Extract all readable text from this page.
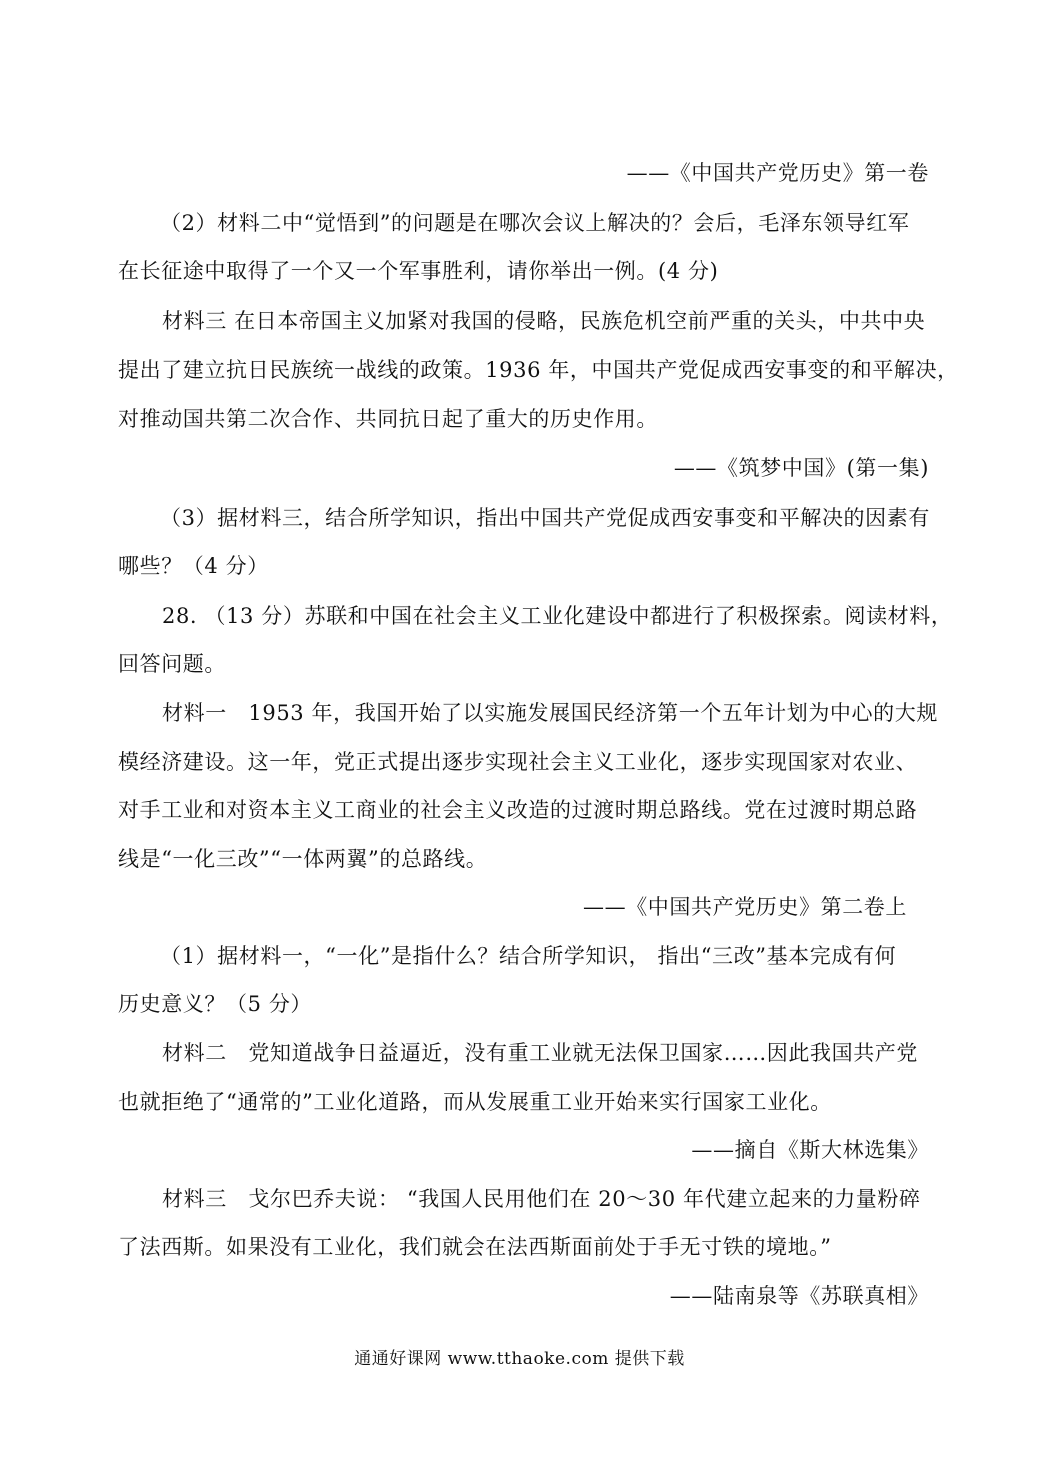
——《中国共产党历史》第一卷
（2）材料二中“觉悟到”的问题是在哪次会议上解决的？会后，毛泽东领导红军
在长征途中取得了一个又一个军事胜利，请你举出一例。(4 分)
材料三 在日本帝国主义加紧对我国的侵略，民族危机空前严重的关头，中共中央
提出了建立抗日民族统一战线的政策。1936 年，中国共产党促成西安事变的和平解决，
对推动国共第二次合作、共同抗日起了重大的历史作用。
——《筑梦中国》(第一集)
（3）据材料三，结合所学知识，指出中国共产党促成西安事变和平解决的因素有
哪些？（4 分）
28. （13 分）苏联和中国在社会主义工业化建设中都进行了积极探索。阅读材料，
回答问题。
材料一　1953 年，我国开始了以实施发展国民经济第一个五年计划为中心的大规
模经济建设。这一年，党正式提出逐步实现社会主义工业化，逐步实现国家对农业、
对手工业和对资本主义工商业的社会主义改造的过渡时期总路线。党在过渡时期总路
线是“一化三改”“一体两翼”的总路线。
——《中国共产党历史》第二卷上
（1）据材料一，“一化”是指什么？结合所学知识， 指出“三改”基本完成有何
历史意义？（5 分）
材料二　党知道战争日益逼近，没有重工业就无法保卫国家……因此我国共产党
也就拒绝了“通常的”工业化道路，而从发展重工业开始来实行国家工业化。
——摘自《斯大林选集》
材料三　戈尔巴乔夫说： “我国人民用他们在 20～30 年代建立起来的力量粉碎
了法西斯。如果没有工业化，我们就会在法西斯面前处于手无寸铁的境地。”
——陆南泉等《苏联真相》
通通好课网 www.tthaoke.com 提供下载
